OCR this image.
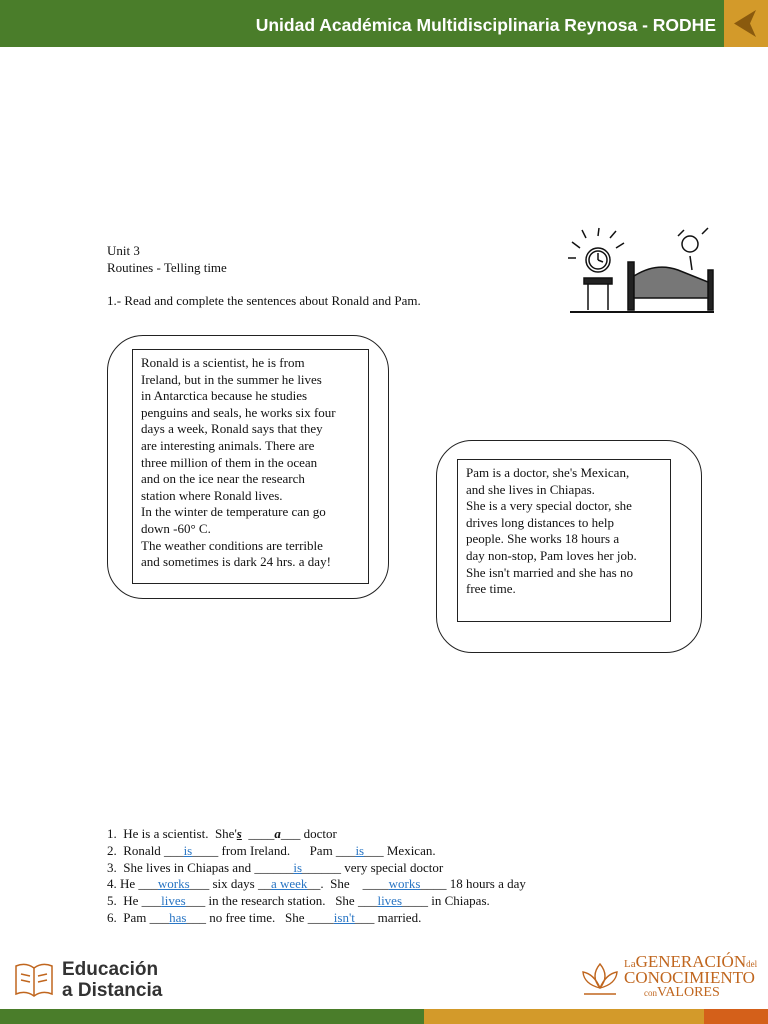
Unidad Académica Multidisciplinaria Reynosa - RODHE
Unit 3
Routines - Telling time
1.- Read and complete the sentences about Ronald and Pam.

Ronald is a scientist, he is from
Ireland, but in the summer he lives
in Antarctica because he studies
penguins and seals, he works six four
days a week, Ronald says that they
are interesting animals. There are
three million of them in the ocean
and on the ice near the research
station where Ronald lives.
In the winter de temperature can go
down -60° C.
The weather conditions are terrible
and sometimes is dark 24 hrs. a day!

Pam is a doctor, she's Mexican,
and she lives in Chiapas.
She is a very special doctor, she
drives long distances to help
people. She works 18 hours a
day non-stop, Pam loves her job.
She isn't married and she has no
free time.

1.  He is a scientist.  She's  ____a___ doctor
2.  Ronald ___is____ from Ireland.      Pam ___is___ Mexican.
3.  She lives in Chiapas and ______is______ very special doctor
4. He ___works___ six days __a week__.  She    ____works____ 18 hours a day
5.  He ___lives___ in the research station.   She ___lives____ in Chiapas.
6.  Pam ___has___ no free time.   She ____isn't___ married.
Educación
a Distancia
LaGENERACIÓNdel
CONOCIMIENTO
conVALORES
